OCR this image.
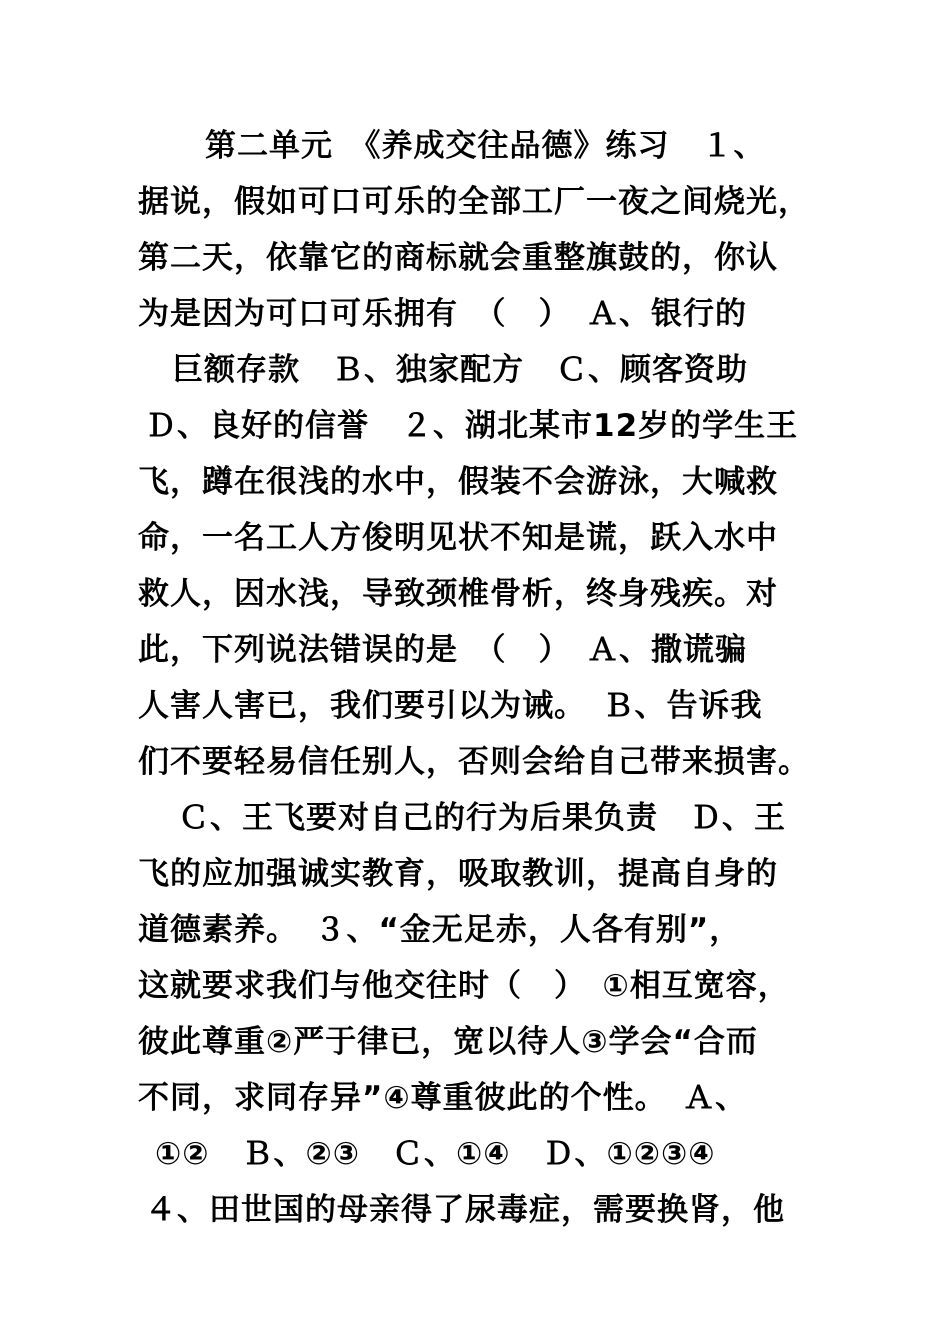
第二单元　《养成交往品德》练习　１、
据说，假如可口可乐的全部工厂一夜之间烧光，
第二天，依靠它的商标就会重整旗鼓的，你认
为是因为可口可乐拥有　（　）　Ａ、银行的
巨额存款　Ｂ、独家配方　Ｃ、顾客资助
Ｄ、良好的信誉　２、湖北某市12岁的学生王
飞，蹲在很浅的水中，假装不会游泳，大喊救
命，一名工人方俊明见状不知是谎，跃入水中
救人，因水浅，导致颈椎骨析，终身残疾。对
此，下列说法错误的是　（　）　Ａ、撒谎骗
人害人害已，我们要引以为诫。　Ｂ、告诉我
们不要轻易信任别人，否则会给自己带来损害。
Ｃ、王飞要对自己的行为后果负责　Ｄ、王
飞的应加强诚实教育，吸取教训，提高自身的
道德素养。　３、“金无足赤，人各有别”，
这就要求我们与他交往时（　）　①相互宽容，
彼此尊重②严于律已，宽以待人③学会“合而
不同，求同存异”④尊重彼此的个性。　Ａ、
①②　Ｂ、②③　Ｃ、①④　Ｄ、①②③④
４、田世国的母亲得了尿毒症，需要换肾，他
